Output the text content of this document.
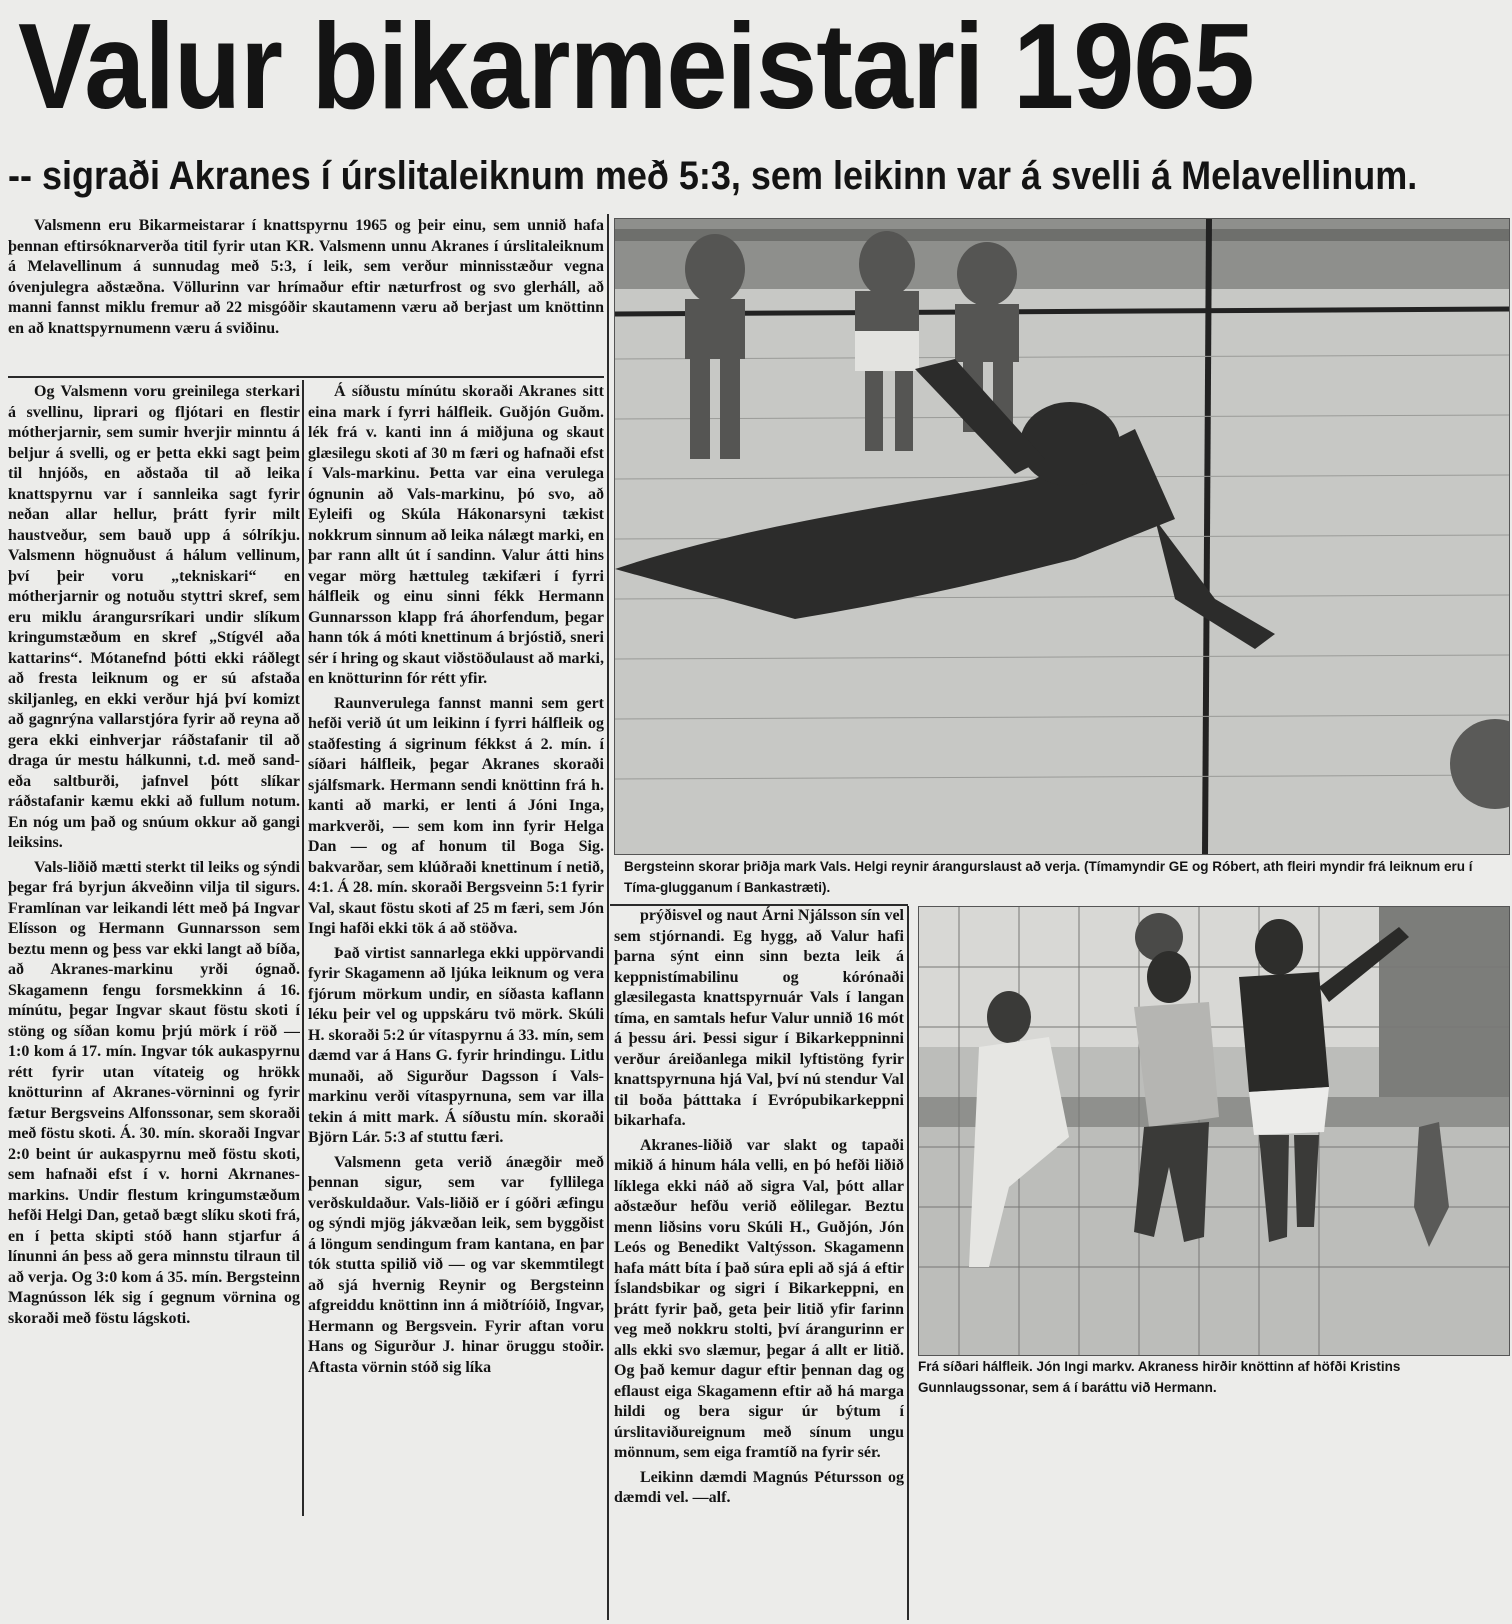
Valur bikarmeistari 1965
-- sigraði Akranes í úrslitaleiknum með 5:3, sem leikinn var á svelli á Melavellinum.

Valsmenn eru Bikarmeistarar í knattspyrnu 1965 og þeir einu, sem unnið hafa þennan eftirsóknarverða titil fyrir utan KR. Valsmenn unnu Akranes í úrslitaleiknum á Melavellinum á sunnudag með 5:3, í leik, sem verður minnisstæður vegna óvenjulegra aðstæðna. Völlurinn var hrímaður eftir næturfrost og svo glerháll, að manni fannst miklu fremur að 22 misgóðir skautamenn væru að berjast um knöttinn en að knattspyrnumenn væru á sviðinu.

Og Valsmenn voru greinilega sterkari á svellinu, liprari og fljótari en flestir mótherjarnir, sem sumir hverjir minntu á beljur á svelli, og er þetta ekki sagt þeim til hnjóðs, en aðstaða til að leika knattspyrnu var í sannleika sagt fyrir neðan allar hellur, þrátt fyrir milt haustveður, sem bauð upp á sólríkju. Valsmenn högnuðust á hálum vellinum, því þeir voru „tekniskari“ en mótherjarnir og notuðu styttri skref, sem eru miklu árangursríkari undir slíkum kringumstæðum en skref „Stígvél aða kattarins“. Mótanefnd þótti ekki ráðlegt að fresta leiknum og er sú afstaða skiljanleg, en ekki verður hjá því komizt að gagnrýna vallarstjóra fyrir að reyna að gera ekki einhverjar ráðstafanir til að draga úr mestu hálkunni, t.d. með sand- eða saltburði, jafnvel þótt slíkar ráðstafanir kæmu ekki að fullum notum. En nóg um það og snúum okkur að gangi leiksins.

Vals-liðið mætti sterkt til leiks og sýndi þegar frá byrjun ákveðinn vilja til sigurs. Framlínan var leikandi létt með þá Ingvar Elísson og Hermann Gunnarsson sem beztu menn og þess var ekki langt að bíða, að Akranes-markinu yrði ógnað. Skagamenn fengu forsmekkinn á 16. mínútu, þegar Ingvar skaut föstu skoti í stöng og síðan komu þrjú mörk í röð — 1:0 kom á 17. mín. Ingvar tók aukaspyrnu rétt fyrir utan vítateig og hrökk knötturinn af Akranes-vörninni og fyrir fætur Bergsveins Alfonssonar, sem skoraði með föstu skoti. Á. 30. mín. skoraði Ingvar 2:0 beint úr aukaspyrnu með föstu skoti, sem hafnaði efst í v. horni Akrnanes-markins. Undir flestum kringumstæðum hefði Helgi Dan, getað bægt slíku skoti frá, en í þetta skipti stóð hann stjarfur á línunni án þess að gera minnstu tilraun til að verja. Og 3:0 kom á 35. mín. Bergsteinn Magnússon lék sig í gegnum vörnina og skoraði með föstu lágskoti.

Á síðustu mínútu skoraði Akranes sitt eina mark í fyrri hálfleik. Guðjón Guðm. lék frá v. kanti inn á miðjuna og skaut glæsilegu skoti af 30 m færi og hafnaði efst í Vals-markinu. Þetta var eina verulega ógnunin að Vals-markinu, þó svo, að Eyleifi og Skúla Hákonarsyni tækist nokkrum sinnum að leika nálægt marki, en þar rann allt út í sandinn. Valur átti hins vegar mörg hættuleg tækifæri í fyrri hálfleik og einu sinni fékk Hermann Gunnarsson klapp frá áhorfendum, þegar hann tók á móti knettinum á brjóstið, sneri sér í hring og skaut viðstöðulaust að marki, en knötturinn fór rétt yfir.

Raunverulega fannst manni sem gert hefði verið út um leikinn í fyrri hálfleik og staðfesting á sigrinum fékkst á 2. mín. í síðari hálfleik, þegar Akranes skoraði sjálfsmark. Hermann sendi knöttinn frá h. kanti að marki, er lenti á Jóni Inga, markverði, — sem kom inn fyrir Helga Dan — og af honum til Boga Sig. bakvarðar, sem klúðraði knettinum í netið, 4:1. Á 28. mín. skoraði Bergsveinn 5:1 fyrir Val, skaut föstu skoti af 25 m færi, sem Jón Ingi hafði ekki tök á að stöðva.

Það virtist sannarlega ekki uppörvandi fyrir Skagamenn að ljúka leiknum og vera fjórum mörkum undir, en síðasta kaflann léku þeir vel og uppskáru tvö mörk. Skúli H. skoraði 5:2 úr vítaspyrnu á 33. mín, sem dæmd var á Hans G. fyrir hrindingu. Litlu munaði, að Sigurður Dagsson í Vals-markinu verði vítaspyrnuna, sem var illa tekin á mitt mark. Á síðustu mín. skoraði Björn Lár. 5:3 af stuttu færi.

Valsmenn geta verið ánægðir með þennan sigur, sem var fyllilega verðskuldaður. Vals-liðið er í góðri æfingu og sýndi mjög jákvæðan leik, sem byggðist á löngum sendingum fram kantana, en þar tók stutta spilið við — og var skemmtilegt að sjá hvernig Reynir og Bergsteinn afgreiddu knöttinn inn á miðtríóið, Ingvar, Hermann og Bergsvein. Fyrir aftan voru Hans og Sigurður J. hinar öruggu stoðir. Aftasta vörnin stóð sig líka

Bergsteinn skorar þriðja mark Vals. Helgi reynir árangurslaust að verja. (Tímamyndir GE og Róbert, ath fleiri myndir frá leiknum eru í Tíma-glugganum í Bankastræti).

prýðisvel og naut Árni Njálsson sín vel sem stjórnandi. Eg hygg, að Valur hafi þarna sýnt einn sinn bezta leik á keppnistímabilinu og kórónaði glæsilegasta knattspyrnuár Vals í langan tíma, en samtals hefur Valur unnið 16 mót á þessu ári. Þessi sigur í Bikarkeppninni verður áreiðanlega mikil lyftistöng fyrir knattspyrnuna hjá Val, því nú stendur Val til boða þátttaka í Evrópubikarkeppni bikarhafa.

Akranes-liðið var slakt og tapaði mikið á hinum hála velli, en þó hefði liðið líklega ekki náð að sigra Val, þótt allar aðstæður hefðu verið eðlilegar. Beztu menn liðsins voru Skúli H., Guðjón, Jón Leós og Benedikt Valtýsson. Skagamenn hafa mátt bíta í það súra epli að sjá á eftir Íslandsbikar og sigri í Bikarkeppni, en þrátt fyrir það, geta þeir litið yfir farinn veg með nokkru stolti, því árangurinn er alls ekki svo slæmur, þegar á allt er litið. Og það kemur dagur eftir þennan dag og eflaust eiga Skagamenn eftir að há marga hildi og bera sigur úr býtum í úrslitaviðureignum með sínum ungu mönnum, sem eiga framtíð na fyrir sér.

Leikinn dæmdi Magnús Pétursson og dæmdi vel. —alf.

Frá síðari hálfleik. Jón Ingi markv. Akraness hirðir knöttinn af höfði Kristins Gunnlaugssonar, sem á í baráttu við Hermann.
